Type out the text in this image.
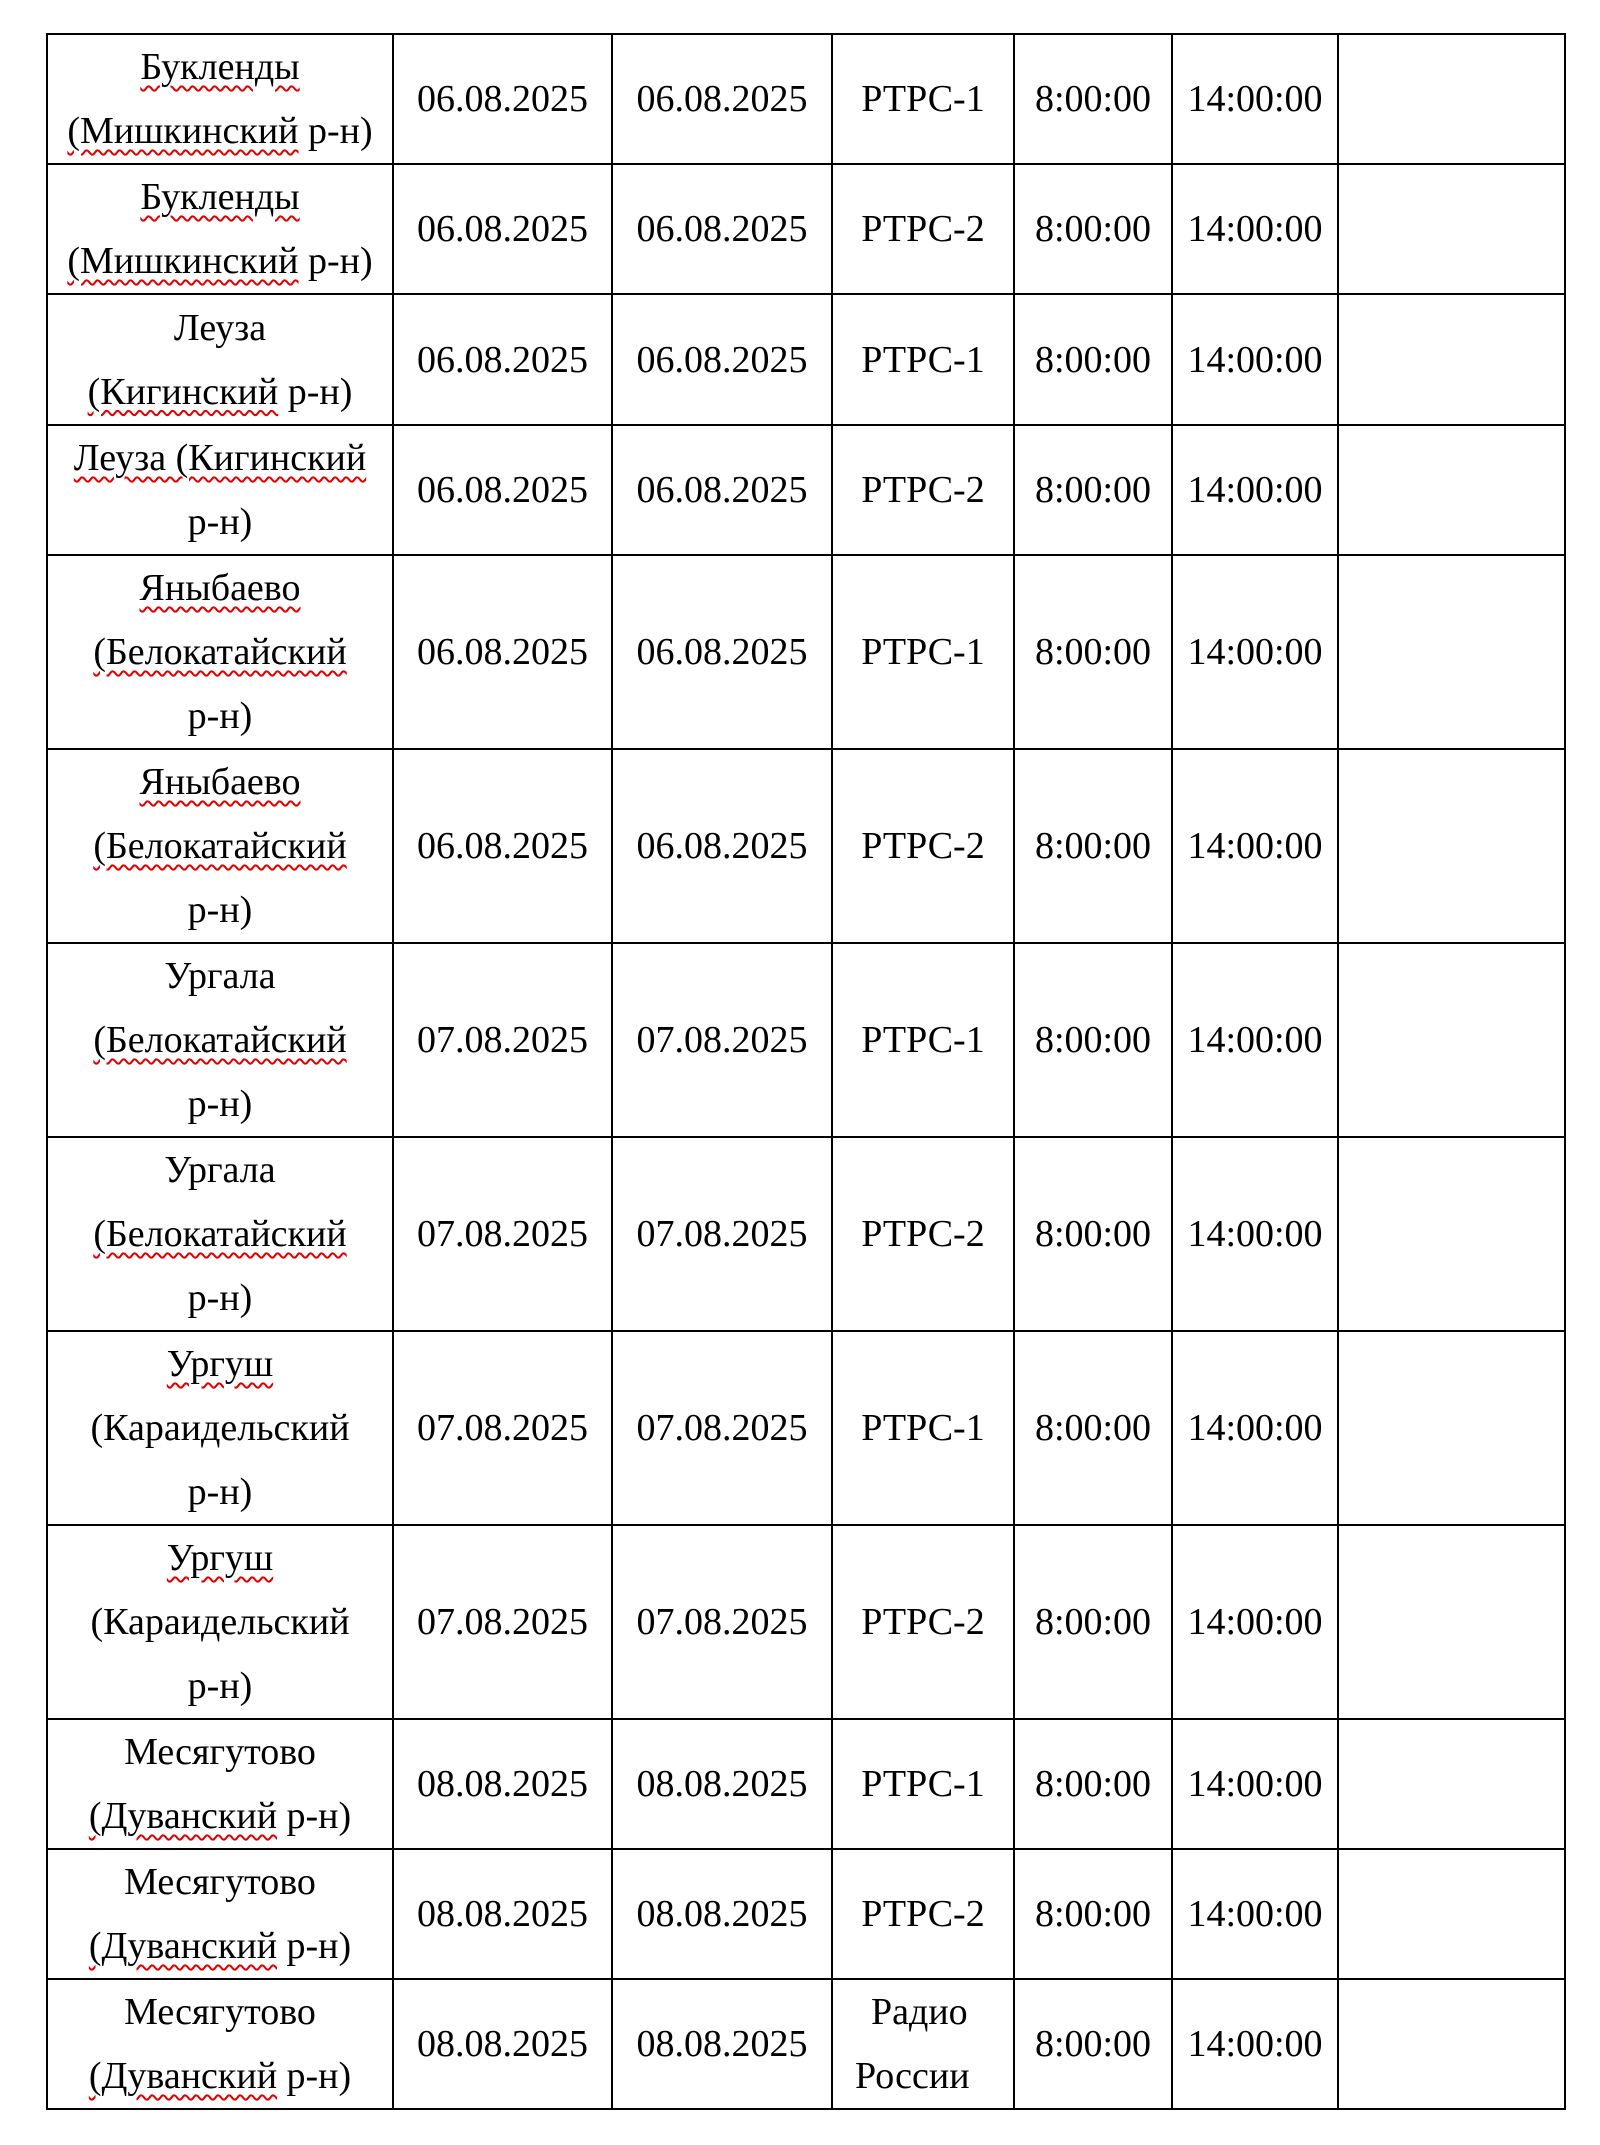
Букленды
(Мишкинский р-н)	06.08.2025	06.08.2025	РТРС-1	8:00:00	14:00:00	

Букленды
(Мишкинский р-н)	06.08.2025	06.08.2025	РТРС-2	8:00:00	14:00:00	

Леуза
(Кигинский р-н)	06.08.2025	06.08.2025	РТРС-1	8:00:00	14:00:00	

Леуза (Кигинский
р-н)	06.08.2025	06.08.2025	РТРС-2	8:00:00	14:00:00	

Яныбаево
(Белокатайский
р-н)	06.08.2025	06.08.2025	РТРС-1	8:00:00	14:00:00	

Яныбаево
(Белокатайский
р-н)	06.08.2025	06.08.2025	РТРС-2	8:00:00	14:00:00	

Ургала
(Белокатайский
р-н)	07.08.2025	07.08.2025	РТРС-1	8:00:00	14:00:00	

Ургала
(Белокатайский
р-н)	07.08.2025	07.08.2025	РТРС-2	8:00:00	14:00:00	

Ургуш
(Караидельский
р-н)	07.08.2025	07.08.2025	РТРС-1	8:00:00	14:00:00	

Ургуш
(Караидельский
р-н)	07.08.2025	07.08.2025	РТРС-2	8:00:00	14:00:00	

Месягутово
(Дуванский р-н)	08.08.2025	08.08.2025	РТРС-1	8:00:00	14:00:00	

Месягутово
(Дуванский р-н)	08.08.2025	08.08.2025	РТРС-2	8:00:00	14:00:00	

Месягутово
(Дуванский р-н)	08.08.2025	08.08.2025	Радио
России	8:00:00	14:00:00	
